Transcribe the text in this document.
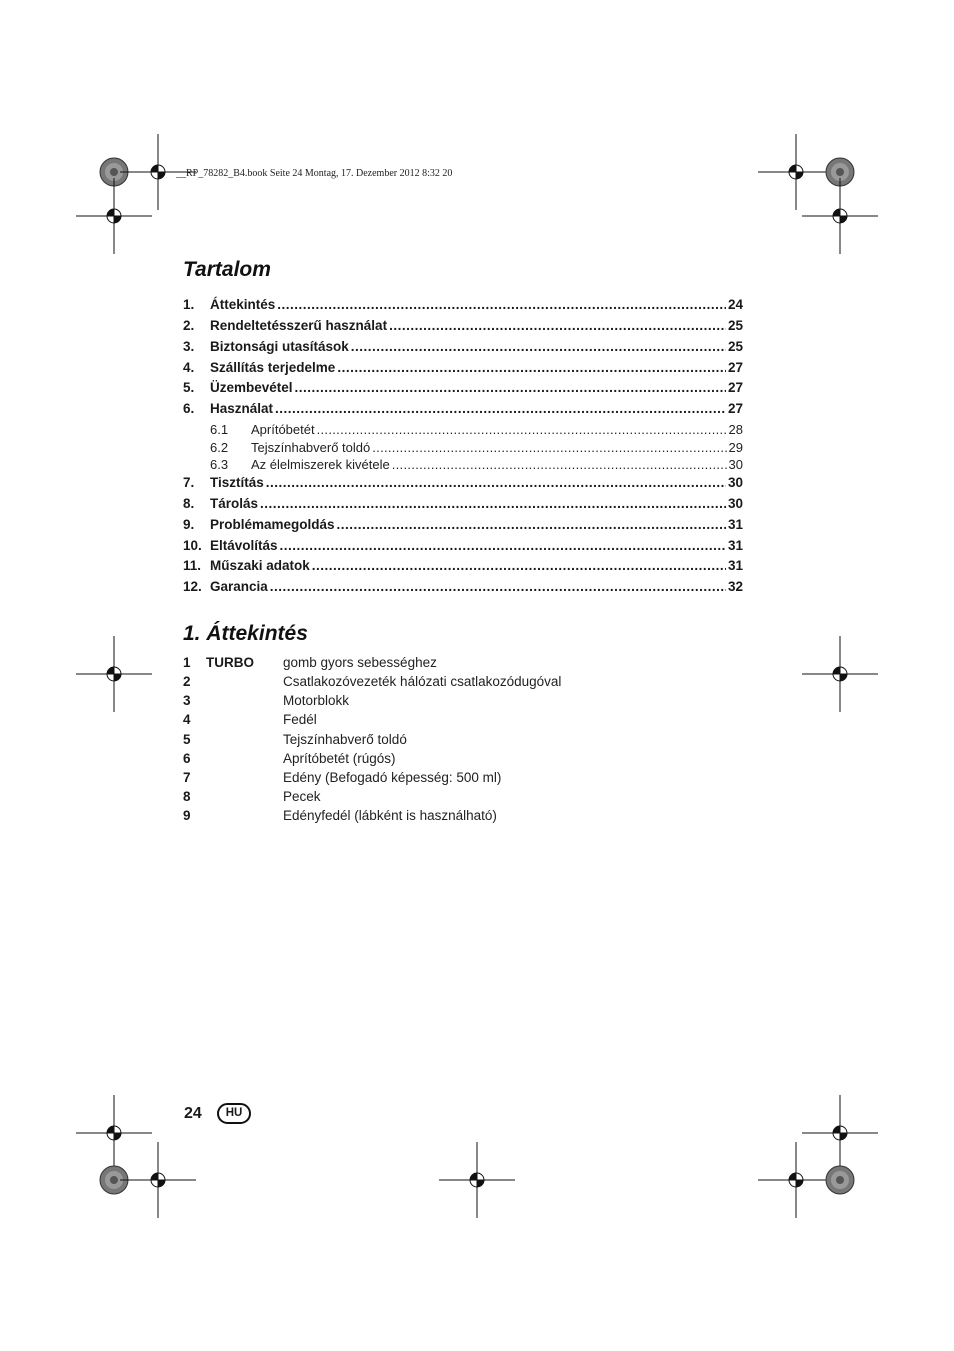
__RP_78282_B4.book Seite 24 Montag, 17. Dezember 2012 8:32 20
Tartalom
1.	Áttekintés .....	24
2.	Rendeltetésszerű használat .....	25
3.	Biztonsági utasítások .....	25
4.	Szállítás terjedelme .....	27
5.	Üzembevétel .....	27
6.	Használat .....	27
6.1	Aprítóbetét .....	28
6.2	Tejszínhabverő toldó .....	29
6.3	Az élelmiszerek kivétele .....	30
7.	Tisztítás .....	30
8.	Tárolás .....	30
9.	Problémamegoldás .....	31
10. Eltávolítás .....	31
11. Műszaki adatok .....	31
12. Garancia .....	32
1. Áttekintés
1 TURBO gomb gyors sebességhez
2	Csatlakozóvezeték hálózati csatlakozódugóval
3	Motorblokk
4	Fedél
5	Tejszínhabverő toldó
6	Aprítóbetét (rúgós)
7	Edény (Befogadó képesség: 500 ml)
8	Pecek
9	Edényfedél (lábként is használható)
24	HU
